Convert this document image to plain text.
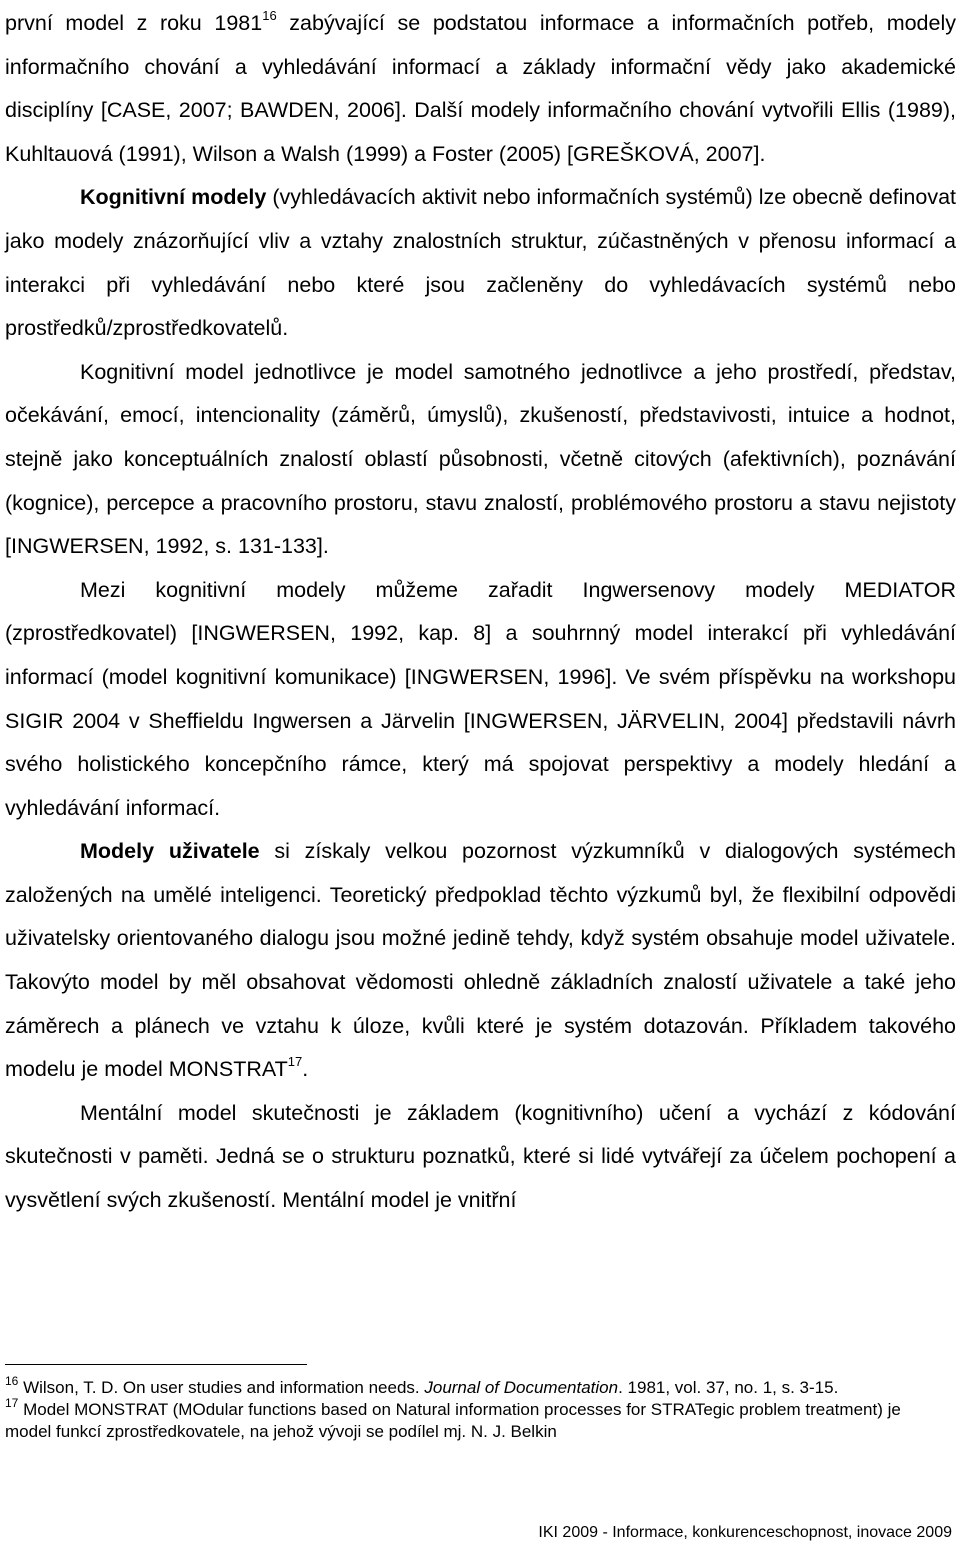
první model z roku 1981$^{16}$ zabývající se podstatou informace a informačních potřeb, modely informačního chování a vyhledávání informací a základy informační vědy jako akademické disciplíny [CASE, 2007; BAWDEN, 2006]. Další modely informačního chování vytvořili Ellis (1989), Kuhltauová (1991), Wilson a Walsh (1999) a Foster (2005) [GREŠKOVÁ, 2007].

Kognitivní modely (vyhledávacích aktivit nebo informačních systémů) lze obecně definovat jako modely znázorňující vliv a vztahy znalostních struktur, zúčastněných v přenosu informací a interakci při vyhledávání nebo které jsou začleněny do vyhledávacích systémů nebo prostředků/zprostředkovatelů.

Kognitivní model jednotlivce je model samotného jednotlivce a jeho prostředí, představ, očekávání, emocí, intencionality (záměrů, úmyslů), zkušeností, představivosti, intuice a hodnot, stejně jako konceptuálních znalostí oblastí působnosti, včetně citových (afektivních), poznávání (kognice), percepce a pracovního prostoru, stavu znalostí, problémového prostoru a stavu nejistoty [INGWERSEN, 1992, s. 131-133].

Mezi kognitivní modely můžeme zařadit Ingwersenovy modely MEDIATOR (zprostředkovatel) [INGWERSEN, 1992, kap. 8] a souhrnný model interakcí při vyhledávání informací (model kognitivní komunikace) [INGWERSEN, 1996]. Ve svém příspěvku na workshopu SIGIR 2004 v Sheffieldu Ingwersen a Järvelin [INGWERSEN, JÄRVELIN, 2004] představili návrh svého holistického koncepčního rámce, který má spojovat perspektivy a modely hledání a vyhledávání informací.

Modely uživatele si získaly velkou pozornost výzkumníků v dialogových systémech založených na umělé inteligenci. Teoretický předpoklad těchto výzkumů byl, že flexibilní odpovědi uživatelsky orientovaného dialogu jsou možné jedině tehdy, když systém obsahuje model uživatele. Takovýto model by měl obsahovat vědomosti ohledně základních znalostí uživatele a také jeho záměrech a plánech ve vztahu k úloze, kvůli které je systém dotazován. Příkladem takového modelu je model MONSTRAT$^{17}$.

Mentální model skutečnosti je základem (kognitivního) učení a vychází z kódování skutečnosti v paměti. Jedná se o strukturu poznatků, které si lidé vytvářejí za účelem pochopení a vysvětlení svých zkušeností. Mentální model je vnitřní

$^{16}$ Wilson, T. D. On user studies and information needs. Journal of Documentation. 1981, vol. 37, no. 1, s. 3-15.

$^{17}$ Model MONSTRAT (MOdular functions based on Natural information processes for STRATegic problem treatment) je model funkcí zprostředkovatele, na jehož vývoji se podílel mj. N. J. Belkin

IKI 2009 - Informace, konkurenceschopnost, inovace 2009
